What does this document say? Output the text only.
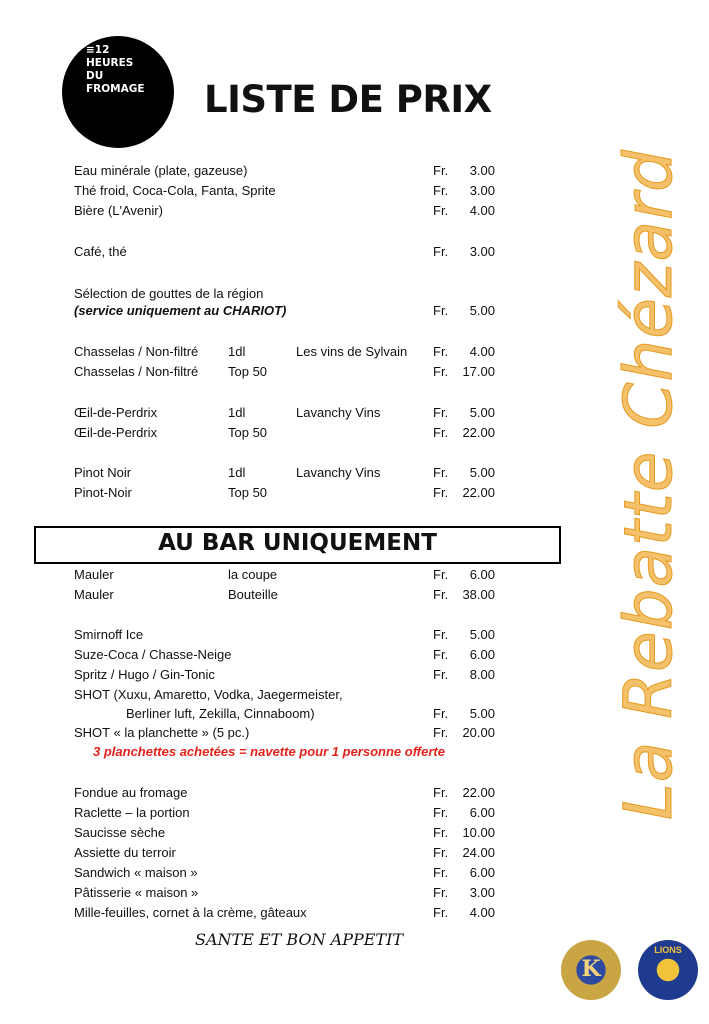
≡12
HEURES
DU
FROMAGE	LISTE DE PRIX
La Rebatte Chézard
Eau minérale (plate, gazeuse)	Fr.	3.00
Thé froid, Coca-Cola, Fanta, Sprite	Fr.	3.00
Bière (L'Avenir)	Fr.	4.00
Café, thé	Fr.	3.00
Sélection de gouttes de la région
(service uniquement au CHARIOT)	Fr.	5.00
Chasselas / Non-filtré 1dl	Les vins de Sylvain Fr.	4.00
Chasselas / Non-filtré Top 50	Fr.	17.00
Œil-de-Perdrix	1dl	Lavanchy Vins	Fr.	5.00
Œil-de-Perdrix	Top 50	Fr.	22.00
Pinot Noir	1dl	Lavanchy Vins	Fr.	5.00
Pinot-Noir	Top 50	Fr.	22.00
AU BAR UNIQUEMENT
Mauler	la coupe	Fr.	6.00
Mauler	Bouteille	Fr.	38.00
Smirnoff Ice	Fr.	5.00
Suze-Coca / Chasse-Neige	Fr.	6.00
Spritz / Hugo / Gin-Tonic	Fr.	8.00
SHOT (Xuxu, Amaretto, Vodka, Jaegermeister,
Berliner luft, Zekilla, Cinnaboom)	Fr.	5.00
SHOT « la planchette » (5 pc.)	Fr.	20.00
3 planchettes achetées = navette pour 1 personne offerte
Fondue au fromage	Fr.	22.00
Raclette – la portion	Fr.	6.00
Saucisse sèche	Fr.	10.00
Assiette du terroir	Fr.	24.00
Sandwich « maison »	Fr.	6.00
Pâtisserie « maison »	Fr.	3.00
Mille-feuilles, cornet à la crème, gâteaux	Fr.	4.00
SANTE ET BON APPETIT
K
LIONS
